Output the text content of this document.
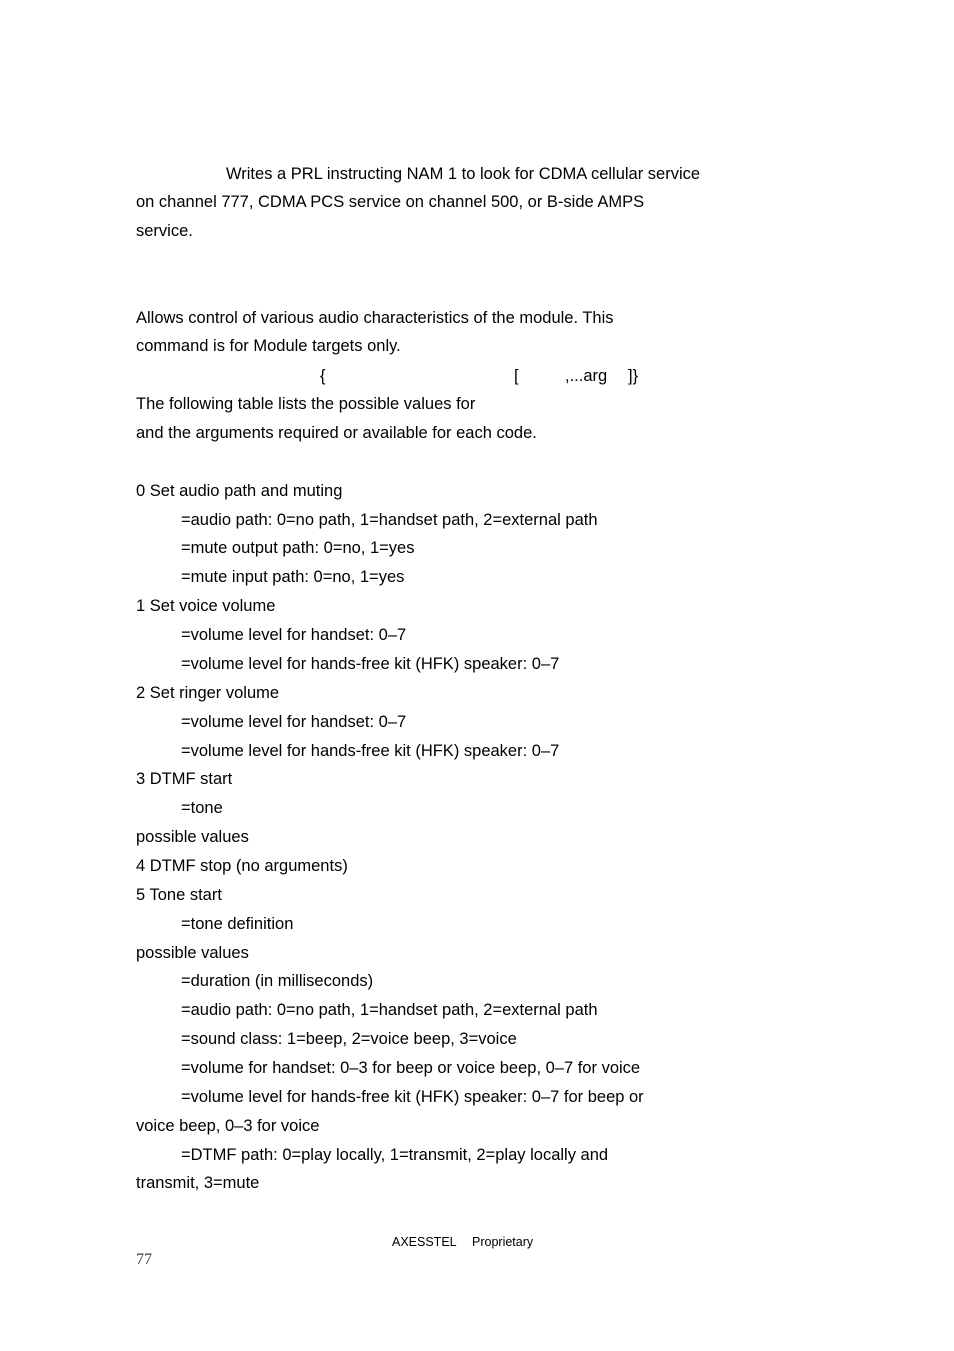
Writes a PRL instructing NAM 1 to look for CDMA cellular service
on channel 777, CDMA PCS service on channel 500, or B-side AMPS
service.
Allows control of various audio characteristics of the module. This
command is for Module targets only.
{	[	,...arg ]}
The following table lists the possible values for
and the arguments required or available for each code.
0 Set audio path and muting
=audio path: 0=no path, 1=handset path, 2=external path
=mute output path: 0=no, 1=yes
=mute input path: 0=no, 1=yes
1 Set voice volume
=volume level for handset: 0–7
=volume level for hands-free kit (HFK) speaker: 0–7
2 Set ringer volume
=volume level for handset: 0–7
=volume level for hands-free kit (HFK) speaker: 0–7
3 DTMF start
=tone
possible values
4 DTMF stop (no arguments)
5 Tone start
=tone definition
possible values
=duration (in milliseconds)
=audio path: 0=no path, 1=handset path, 2=external path
=sound class: 1=beep, 2=voice beep, 3=voice
=volume for handset: 0–3 for beep or voice beep, 0–7 for voice
=volume level for hands-free kit (HFK) speaker: 0–7 for beep or
voice beep, 0–3 for voice
=DTMF path: 0=play locally, 1=transmit, 2=play locally and
transmit, 3=mute
AXESSTEL Proprietary
77
